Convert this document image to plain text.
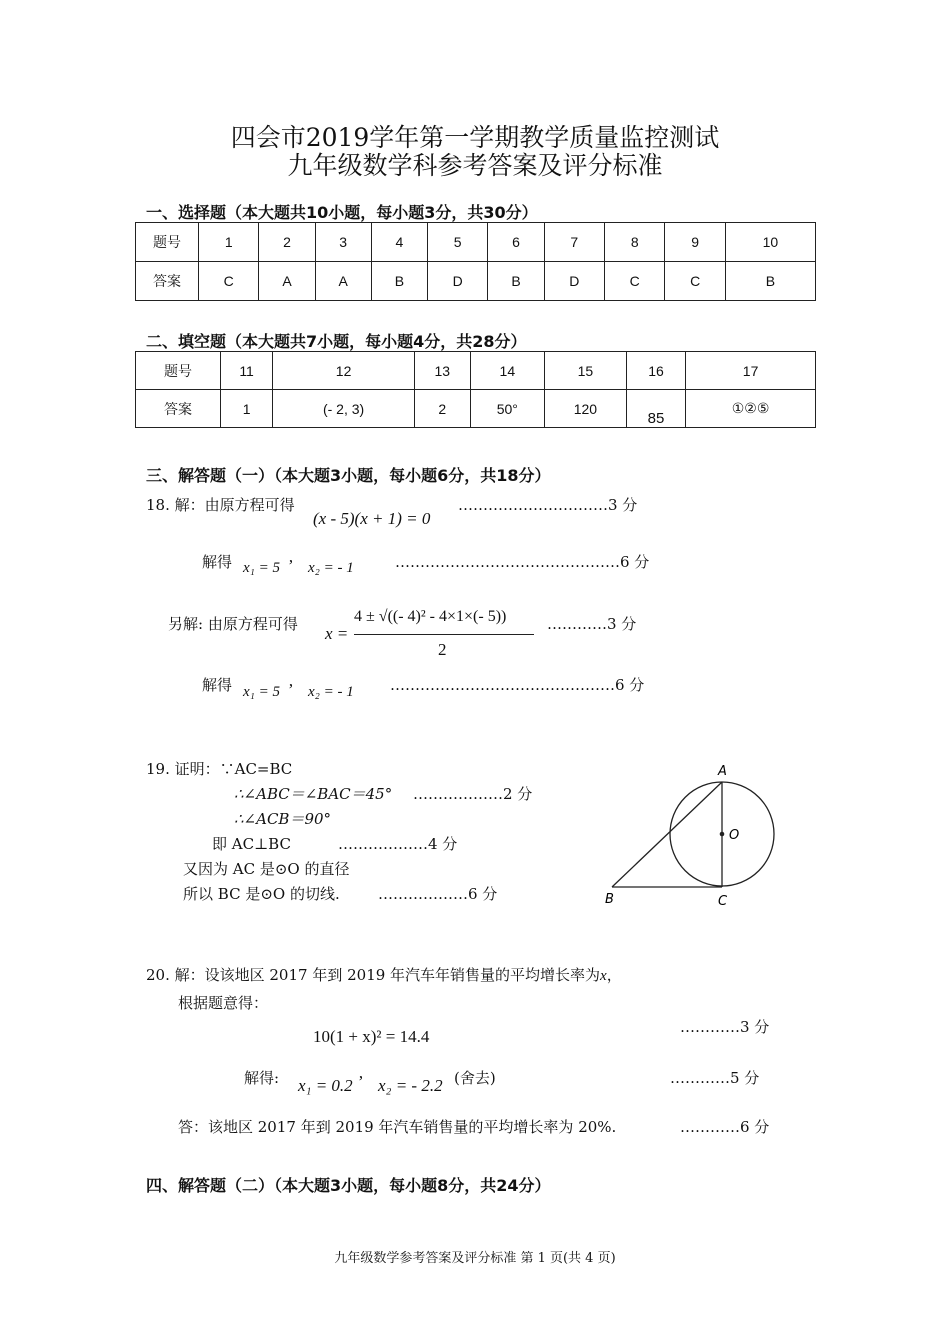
四会市2019学年第一学期教学质量监控测试
九年级数学科参考答案及评分标准
一、选择题（本大题共10小题，每小题3分，共30分）
题号	1	2	3	4	5	6	7	8	9	10
答案	C	A	A	B	D	B	D	C	C	B
二、填空题（本大题共7小题，每小题4分，共28分）
题号	11	12	13	14	15	16	17
答案	1	(- 2, 3)	2	50°	120	85	①②⑤
三、解答题（一）（本大题3小题，每小题6分，共18分）
18. 解：由原方程可得	…………………………3 分
(x - 5)(x + 1) = 0
解得 x₁ = 5 ’ x₂ = - 1	………………………………………6 分
另解: 由原方程可得 x =
4 ± √((- 4)² - 4×1×(- 5))
2
…………3 分
解得 x₁ = 5 ’ x₂ = - 1 ………………………………………6 分
19. 证明：∵AC=BC
∴∠ABC＝∠BAC＝45° ………………2 分
∴∠ACB＝90°
即 AC⊥BC	………………4 分
又因为 AC 是⊙O 的直径
所以 BC 是⊙O 的切线.	………………6 分
A
B	C
O
20. 解：设该地区 2017 年到 2019 年汽车年销售量的平均增长率为x，
根据题意得：
…………3 分
10(1 + x)² = 14.4
解得: x₁ = 0.2 ’ x₂ = - 2.2 (舍去)	…………5 分
答：该地区 2017 年到 2019 年汽车销售量的平均增长率为 20%.	…………6 分
四、解答题（二）（本大题3小题，每小题8分，共24分）
九年级数学参考答案及评分标准 第 1 页(共 4 页)
